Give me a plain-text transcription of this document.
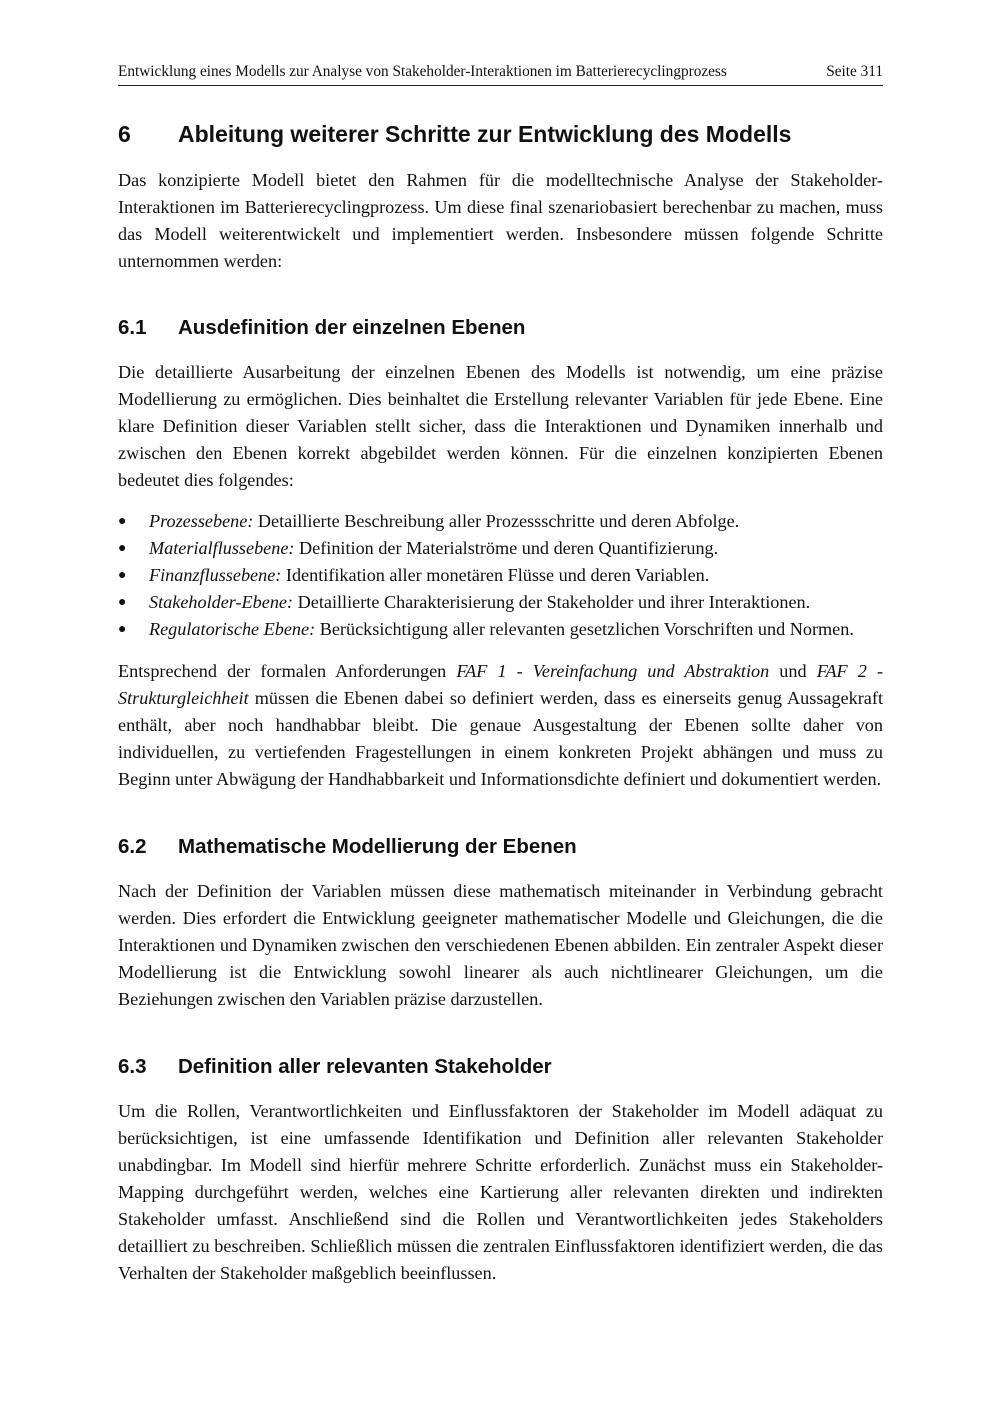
Entwicklung eines Modells zur Analyse von Stakeholder-Interaktionen im Batterierecyclingprozess	Seite 311
6	Ableitung weiterer Schritte zur Entwicklung des Modells

Das konzipierte Modell bietet den Rahmen für die modelltechnische Analyse der Stakeholder-Interaktionen im Batterierecyclingprozess. Um diese final szenariobasiert berechenbar zu machen, muss das Modell weiterentwickelt und implementiert werden. Insbesondere müssen folgende Schritte unternommen werden:

6.1	Ausdefinition der einzelnen Ebenen

Die detaillierte Ausarbeitung der einzelnen Ebenen des Modells ist notwendig, um eine präzise Modellierung zu ermöglichen. Dies beinhaltet die Erstellung relevanter Variablen für jede Ebene. Eine klare Definition dieser Variablen stellt sicher, dass die Interaktionen und Dynamiken innerhalb und zwischen den Ebenen korrekt abgebildet werden können. Für die einzelnen konzipierten Ebenen bedeutet dies folgendes:

●	Prozessebene: Detaillierte Beschreibung aller Prozessschritte und deren Abfolge.
●	Materialflussebene: Definition der Materialströme und deren Quantifizierung.
●	Finanzflussebene: Identifikation aller monetären Flüsse und deren Variablen.
●	Stakeholder-Ebene: Detaillierte Charakterisierung der Stakeholder und ihrer Interaktionen.
●	Regulatorische Ebene: Berücksichtigung aller relevanten gesetzlichen Vorschriften und Normen.

Entsprechend der formalen Anforderungen FAF 1 - Vereinfachung und Abstraktion und FAF 2 - Strukturgleichheit müssen die Ebenen dabei so definiert werden, dass es einerseits genug Aussagekraft enthält, aber noch handhabbar bleibt. Die genaue Ausgestaltung der Ebenen sollte daher von individuellen, zu vertiefenden Fragestellungen in einem konkreten Projekt abhängen und muss zu Beginn unter Abwägung der Handhabbarkeit und Informationsdichte definiert und dokumentiert werden.

6.2	Mathematische Modellierung der Ebenen

Nach der Definition der Variablen müssen diese mathematisch miteinander in Verbindung gebracht werden. Dies erfordert die Entwicklung geeigneter mathematischer Modelle und Gleichungen, die die Interaktionen und Dynamiken zwischen den verschiedenen Ebenen abbilden. Ein zentraler Aspekt dieser Modellierung ist die Entwicklung sowohl linearer als auch nichtlinearer Gleichungen, um die Beziehungen zwischen den Variablen präzise darzustellen.

6.3	Definition aller relevanten Stakeholder

Um die Rollen, Verantwortlichkeiten und Einflussfaktoren der Stakeholder im Modell adäquat zu berücksichtigen, ist eine umfassende Identifikation und Definition aller relevanten Stakeholder unabdingbar. Im Modell sind hierfür mehrere Schritte erforderlich. Zunächst muss ein Stakeholder-Mapping durchgeführt werden, welches eine Kartierung aller relevanten direkten und indirekten Stakeholder umfasst. Anschließend sind die Rollen und Verantwortlichkeiten jedes Stakeholders detailliert zu beschreiben. Schließlich müssen die zentralen Einflussfaktoren identifiziert werden, die das Verhalten der Stakeholder maßgeblich beeinflussen.
